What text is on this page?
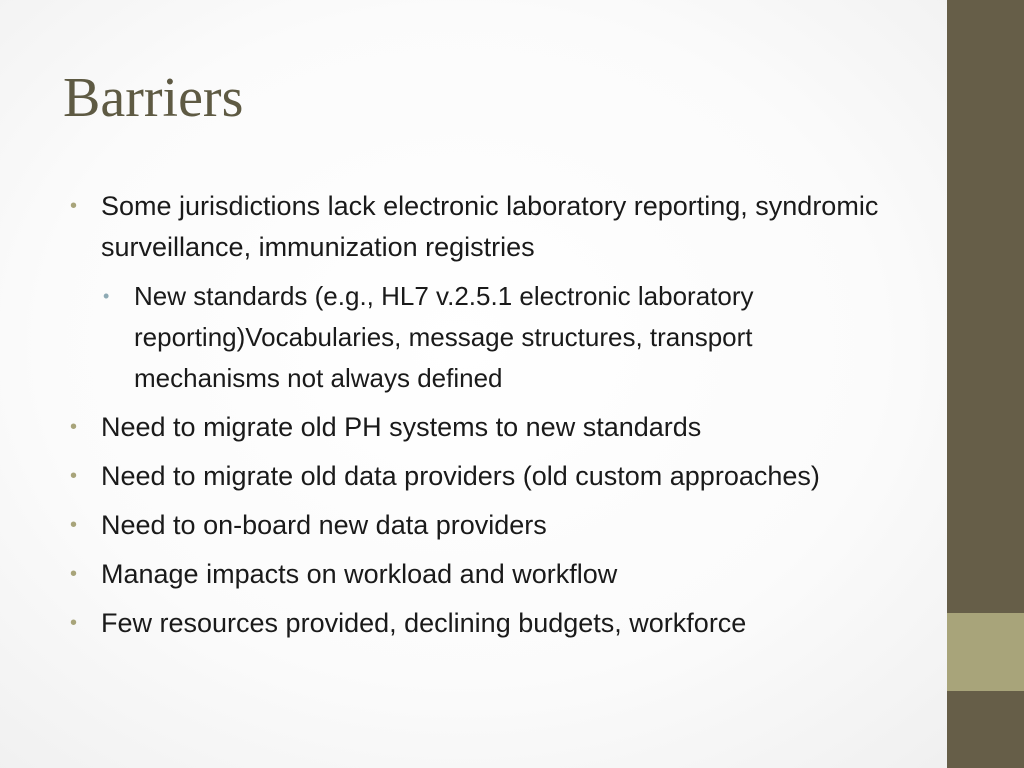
Barriers
• Some jurisdictions lack electronic laboratory reporting, syndromic surveillance, immunization registries
• New standards (e.g., HL7 v.2.5.1 electronic laboratory reporting)Vocabularies, message structures, transport mechanisms not always defined
• Need to migrate old PH systems to new standards
• Need to migrate old data providers (old custom approaches)
• Need to on-board new data providers
• Manage impacts on workload and workflow
• Few resources provided, declining budgets, workforce
